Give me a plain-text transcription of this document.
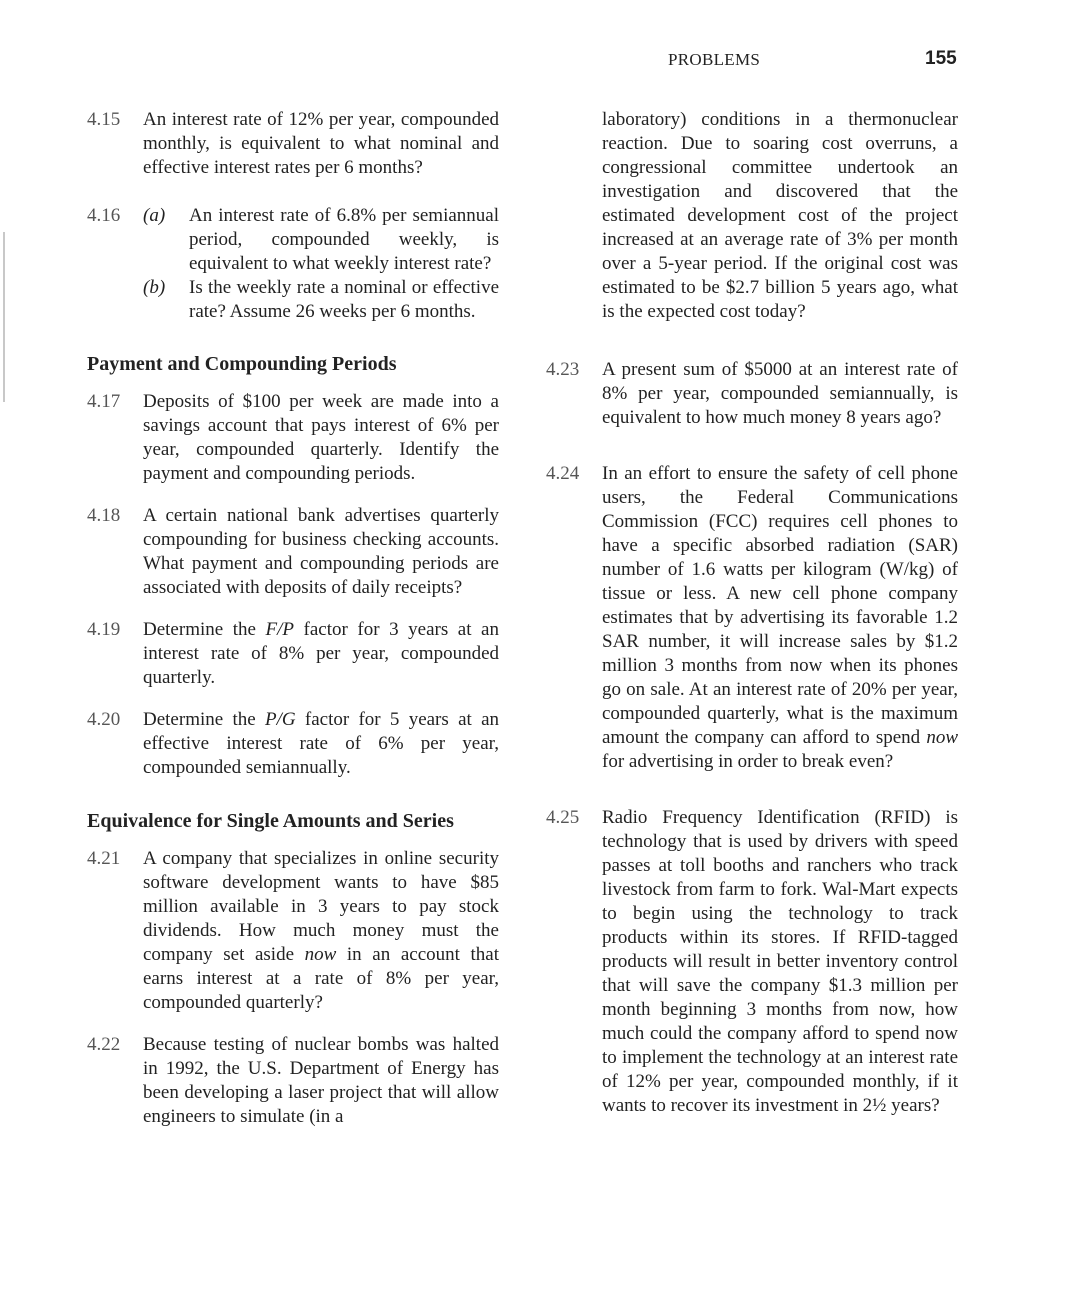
PROBLEMS	155
4.15	An interest rate of 12% per year, compounded monthly, is equivalent to what nominal and effective interest rates per 6 months?
4.16	(a)	An interest rate of 6.8% per semiannual period, compounded weekly, is equivalent to what weekly interest rate?
(b)	Is the weekly rate a nominal or effective rate? Assume 26 weeks per 6 months.
Payment and Compounding Periods
4.17	Deposits of $100 per week are made into a savings account that pays interest of 6% per year, compounded quarterly. Identify the payment and compounding periods.
4.18	A certain national bank advertises quarterly compounding for business checking accounts. What payment and compounding periods are associated with deposits of daily receipts?
4.19	Determine the F/P factor for 3 years at an interest rate of 8% per year, compounded quarterly.
4.20	Determine the P/G factor for 5 years at an effective interest rate of 6% per year, compounded semiannually.
Equivalence for Single Amounts and Series
4.21	A company that specializes in online security software development wants to have $85 million available in 3 years to pay stock dividends. How much money must the company set aside now in an account that earns interest at a rate of 8% per year, compounded quarterly?
4.22	Because testing of nuclear bombs was halted in 1992, the U.S. Department of Energy has been developing a laser project that will allow engineers to simulate (in a
laboratory) conditions in a thermonuclear reaction. Due to soaring cost overruns, a congressional committee undertook an investigation and discovered that the estimated development cost of the project increased at an average rate of 3% per month over a 5-year period. If the original cost was estimated to be $2.7 billion 5 years ago, what is the expected cost today?
4.23	A present sum of $5000 at an interest rate of 8% per year, compounded semiannually, is equivalent to how much money 8 years ago?
4.24	In an effort to ensure the safety of cell phone users, the Federal Communications Commission (FCC) requires cell phones to have a specific absorbed radiation (SAR) number of 1.6 watts per kilogram (W/kg) of tissue or less. A new cell phone company estimates that by advertising its favorable 1.2 SAR number, it will increase sales by $1.2 million 3 months from now when its phones go on sale. At an interest rate of 20% per year, compounded quarterly, what is the maximum amount the company can afford to spend now for advertising in order to break even?
4.25	Radio Frequency Identification (RFID) is technology that is used by drivers with speed passes at toll booths and ranchers who track livestock from farm to fork. Wal-Mart expects to begin using the technology to track products within its stores. If RFID-tagged products will result in better inventory control that will save the company $1.3 million per month beginning 3 months from now, how much could the company afford to spend now to implement the technology at an interest rate of 12% per year, compounded monthly, if it wants to recover its investment in 2½ years?
